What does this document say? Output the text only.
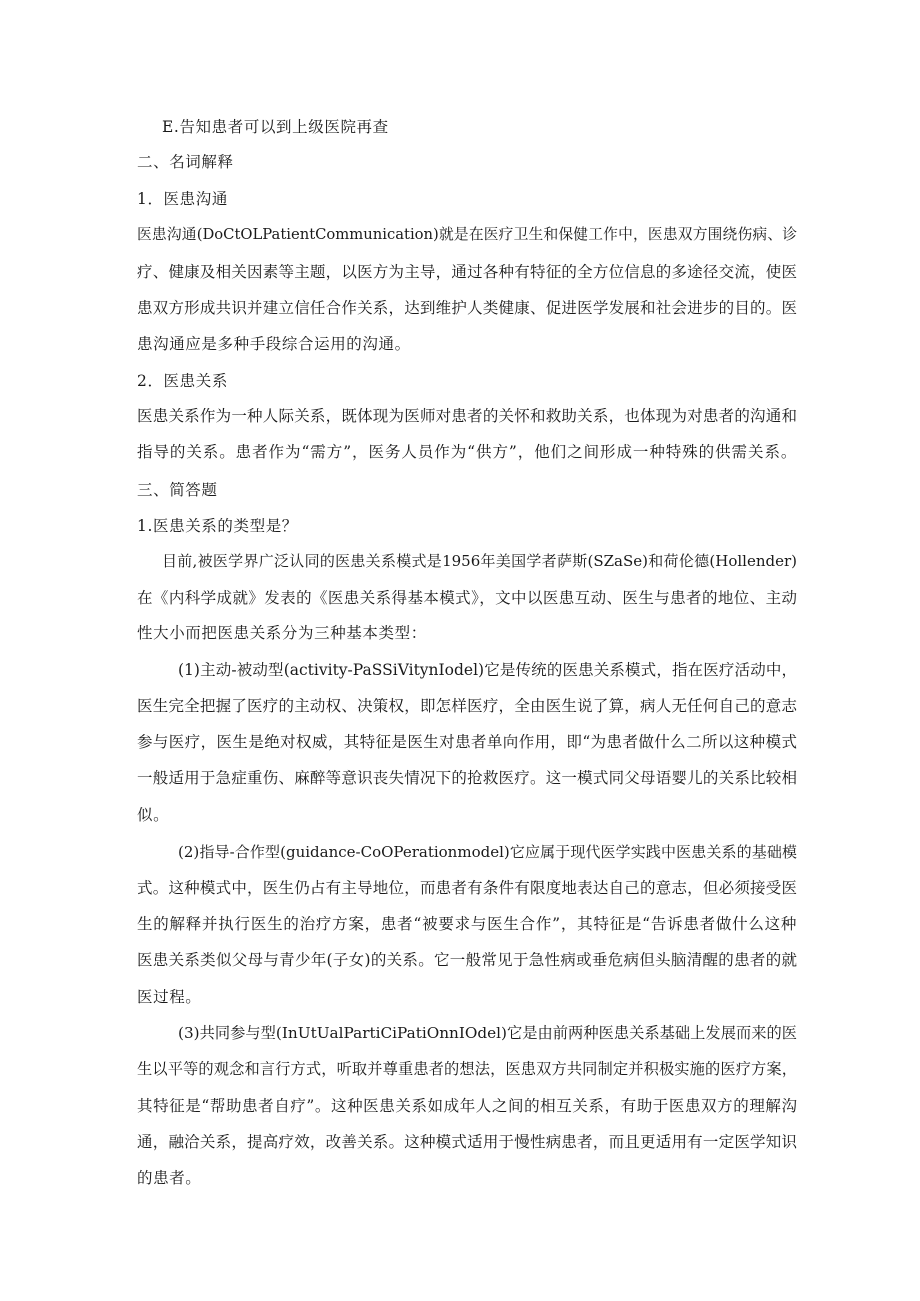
E.告知患者可以到上级医院再查
二、名词解释
1．医患沟通
医患沟通(DoCtOLPatientCommunication)就是在医疗卫生和保健工作中，医患双方围绕伤病、诊
疗、健康及相关因素等主题，以医方为主导，通过各种有特征的全方位信息的多途径交流，使医
患双方形成共识并建立信任合作关系，达到维护人类健康、促进医学发展和社会进步的目的。医
患沟通应是多种手段综合运用的沟通。
2．医患关系
医患关系作为一种人际关系，既体现为医师对患者的关怀和救助关系，也体现为对患者的沟通和
指导的关系。患者作为“需方”，医务人员作为“供方”，他们之间形成一种特殊的供需关系。
三、简答题
1.医患关系的类型是？
目前,被医学界广泛认同的医患关系模式是1956年美国学者萨斯(SZaSe)和荷伦德(Hollender)
在《内科学成就》发表的《医患关系得基本模式》，文中以医患互动、医生与患者的地位、主动
性大小而把医患关系分为三种基本类型：
(1)主动-被动型(activity-PaSSiVitynIodel)它是传统的医患关系模式，指在医疗活动中，
医生完全把握了医疗的主动权、决策权，即怎样医疗，全由医生说了算，病人无任何自己的意志
参与医疗，医生是绝对权威，其特征是医生对患者单向作用，即“为患者做什么二所以这种模式
一般适用于急症重伤、麻醉等意识丧失情况下的抢救医疗。这一模式同父母语婴儿的关系比较相
似。
(2)指导-合作型(guidance-CoOPerationmodel)它应属于现代医学实践中医患关系的基础模
式。这种模式中，医生仍占有主导地位，而患者有条件有限度地表达自己的意志，但必须接受医
生的解释并执行医生的治疗方案，患者“被要求与医生合作”，其特征是“告诉患者做什么这种
医患关系类似父母与青少年(子女)的关系。它一般常见于急性病或垂危病但头脑清醒的患者的就
医过程。
(3)共同参与型(InUtUalPartiCiPatiOnnIOdel)它是由前两种医患关系基础上发展而来的医
生以平等的观念和言行方式，听取并尊重患者的想法，医患双方共同制定并积极实施的医疗方案，
其特征是“帮助患者自疗”。这种医患关系如成年人之间的相互关系，有助于医患双方的理解沟
通，融洽关系，提高疗效，改善关系。这种模式适用于慢性病患者，而且更适用有一定医学知识
的患者。
